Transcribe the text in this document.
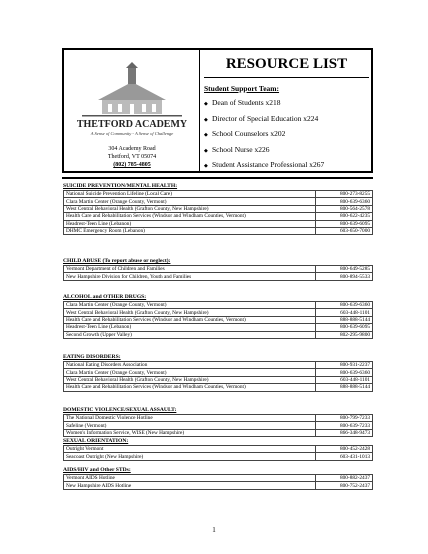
THETFORD ACADEMY
A Sense of Community - A Sense of Challenge
304 Academy Road
Thetford, VT 05074
(802) 785-4805
RESOURCE LIST
Student Support Team:
◆ Dean of Students x218
◆ Director of Special Education x224
◆ School Counselors x202
◆ School Nurse x226
◆ Student Assistance Professional x267
SUICIDE PREVENTION/MENTAL HEALTH:
National Suicide Prevention Lifeline (Local Care)	800-273-8255
Clara Martin Center (Orange County, Vermont)	800-639-6360
West Central Behavioral Health (Grafton County, New Hampshire)	800-564-2578
Health Care and Rehabilitation Services (Windsor and Windham Counties, Vermont)	800-622-4235
Headrest-Teen Line (Lebanon)	800-639-6095
DHMC Emergency Room (Lebanon)	603-650-7000
CHILD ABUSE (To report abuse or neglect):
Vermont Department of Children and Families	800-649-5285
New Hampshire Division for Children, Youth and Families	800-894-5533
ALCOHOL and OTHER DRUGS:
Clara Martin Center (Orange County, Vermont)	800-639-6360
West Central Behavioral Health (Grafton County, New Hampshire)	603-448-1101
Health Care and Rehabilitation Services (Windsor and Windham Counties, Vermont)	888-888-5144
Headrest-Teen Line (Lebanon)	800-639-6095
Second Growth (Upper Valley)	802-295-9800
EATING DISORDERS:
National Eating Disorders Association	800-931-2237
Clara Martin Center (Orange County, Vermont)	800-639-6360
West Central Behavioral Health (Grafton County, New Hampshire)	603-448-1101
Health Care and Rehabilitation Services (Windsor and Windham Counties, Vermont)	888-888-5144
DOMESTIC VIOLENCE/SEXUAL ASSAULT:
The National Domestic Violence Hotline	800-799-7233
Safeline (Vermont)	800-639-7233
Women's Information Service, WISE (New Hampshire)	866-348-9473
SEXUAL ORIENTATION:
Outright Vermont	800-452-2428
Seacoast Outright (New Hampshire)	603-431-1013
AIDS/HIV and Other STDs:
Vermont AIDS Hotline	800-882-2437
New Hampshire AIDS Hotline	800-752-2437
1
